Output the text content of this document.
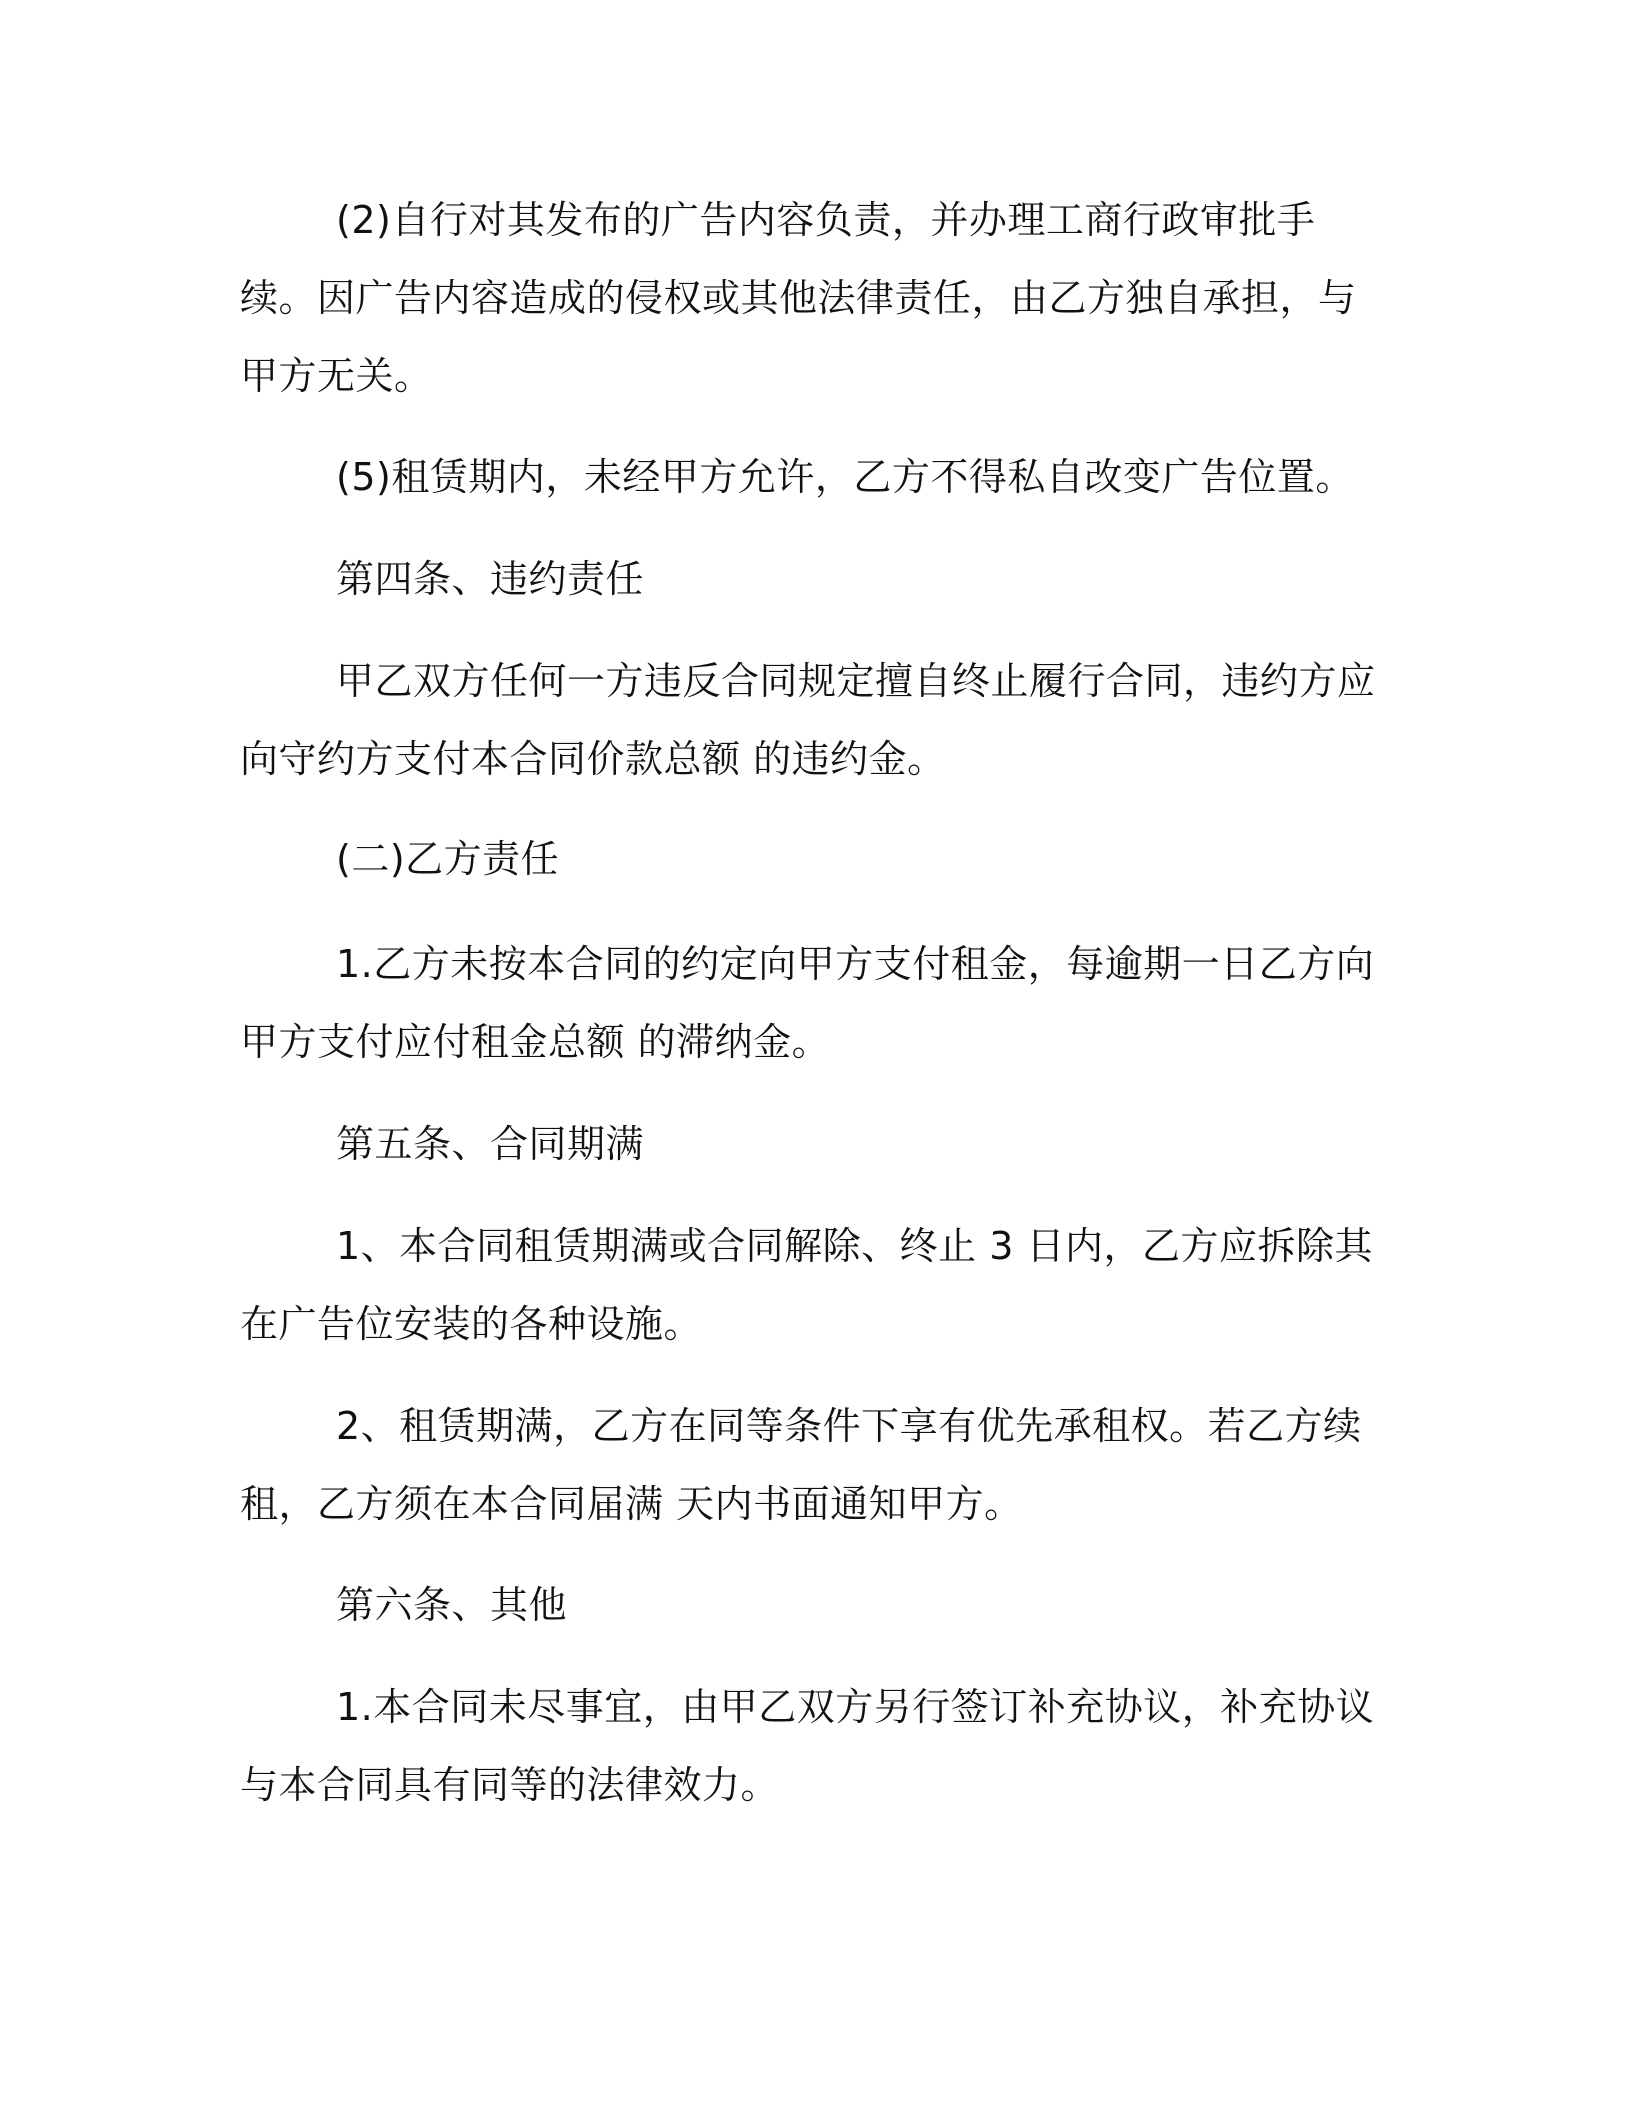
(2)自行对其发布的广告内容负责，并办理工商行政审批手续。因广告内容造成的侵权或其他法律责任，由乙方独自承担，与甲方无关。

(5)租赁期内，未经甲方允许，乙方不得私自改变广告位置。

第四条、违约责任

甲乙双方任何一方违反合同规定擅自终止履行合同，违约方应向守约方支付本合同价款总额 的违约金。

(二)乙方责任

1.乙方未按本合同的约定向甲方支付租金，每逾期一日乙方向甲方支付应付租金总额 的滞纳金。

第五条、合同期满

1、本合同租赁期满或合同解除、终止 3 日内，乙方应拆除其在广告位安装的各种设施。

2、租赁期满，乙方在同等条件下享有优先承租权。若乙方续租，乙方须在本合同届满 天内书面通知甲方。

第六条、其他

1.本合同未尽事宜，由甲乙双方另行签订补充协议，补充协议与本合同具有同等的法律效力。
